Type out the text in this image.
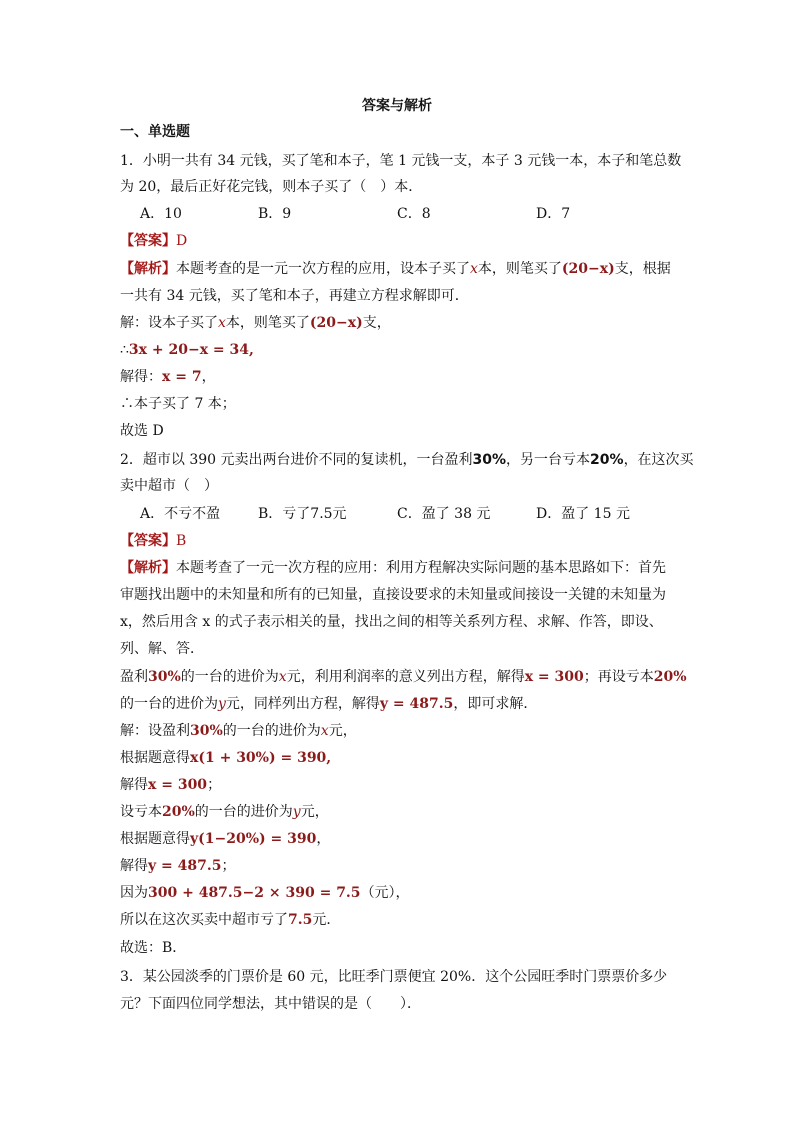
答案与解析
一、单选题
1．小明一共有 34 元钱，买了笔和本子，笔 1 元钱一支，本子 3 元钱一本，本子和笔总数
为 20，最后正好花完钱，则本子买了（　）本．
A．10	B．9	C．8	D．7
【答案】D
【解析】本题考查的是一元一次方程的应用，设本子买了x本，则笔买了(20−x)支，根据
一共有 34 元钱，买了笔和本子，再建立方程求解即可．
解：设本子买了x本，则笔买了(20−x)支，
∴3x + 20−x = 34,
解得：x = 7，
∴本子买了 7 本；
故选 D
2．超市以 390 元卖出两台进价不同的复读机，一台盈利30%，另一台亏本20%，在这次买
卖中超市（　）
A．不亏不盈	B．亏了7.5元	C．盈了 38 元	D．盈了 15 元
【答案】B
【解析】本题考查了一元一次方程的应用：利用方程解决实际问题的基本思路如下：首先
审题找出题中的未知量和所有的已知量，直接设要求的未知量或间接设一关键的未知量为
x，然后用含 x 的式子表示相关的量，找出之间的相等关系列方程、求解、作答，即设、
列、解、答．
盈利30%的一台的进价为x元，利用利润率的意义列出方程，解得x = 300；再设亏本20%
的一台的进价为y元，同样列出方程，解得y = 487.5，即可求解．
解：设盈利30%的一台的进价为x元，
根据题意得x(1 + 30%) = 390,
解得x = 300；
设亏本20%的一台的进价为y元，
根据题意得y(1−20%) = 390，
解得y = 487.5；
因为300 + 487.5−2 × 390 = 7.5（元），
所以在这次买卖中超市亏了7.5元．
故选：B．
3．某公园淡季的门票价是 60 元，比旺季门票便宜 20%．这个公园旺季时门票票价多少
元？下面四位同学想法，其中错误的是（　　）．
